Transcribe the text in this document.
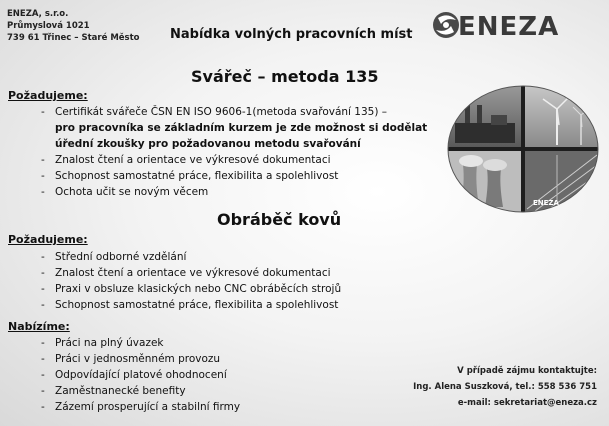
ENEZA, s.r.o.
Průmyslová 1021
739 61 Třinec – Staré Město Nabídka volných pracovních míst ENEZA
Svářeč – metoda 135
Požadujeme:
- Certifikát svářeče ČSN EN ISO 9606-1(metoda svařování 135) –
pro pracovníka se základním kurzem je zde možnost si dodělat
úřední zkoušky pro požadovanou metodu svařování
- Znalost čtení a orientace ve výkresové dokumentaci
- Schopnost samostatné práce, flexibilita a spolehlivost
- Ochota učit se novým věcem
Obráběč kovů
Požadujeme:
- Střední odborné vzdělání
- Znalost čtení a orientace ve výkresové dokumentaci
- Praxi v obsluze klasických nebo CNC obráběcích strojů
- Schopnost samostatné práce, flexibilita a spolehlivost
Nabízíme:
- Práci na plný úvazek
- Práci v jednosměnném provozu
- Odpovídající platové ohodnocení
- Zaměstnanecké benefity
- Zázemí prosperující a stabilní firmy
ENEZA
V případě zájmu kontaktujte:
Ing. Alena Suszková, tel.: 558 536 751
e-mail: sekretariat@eneza.cz
